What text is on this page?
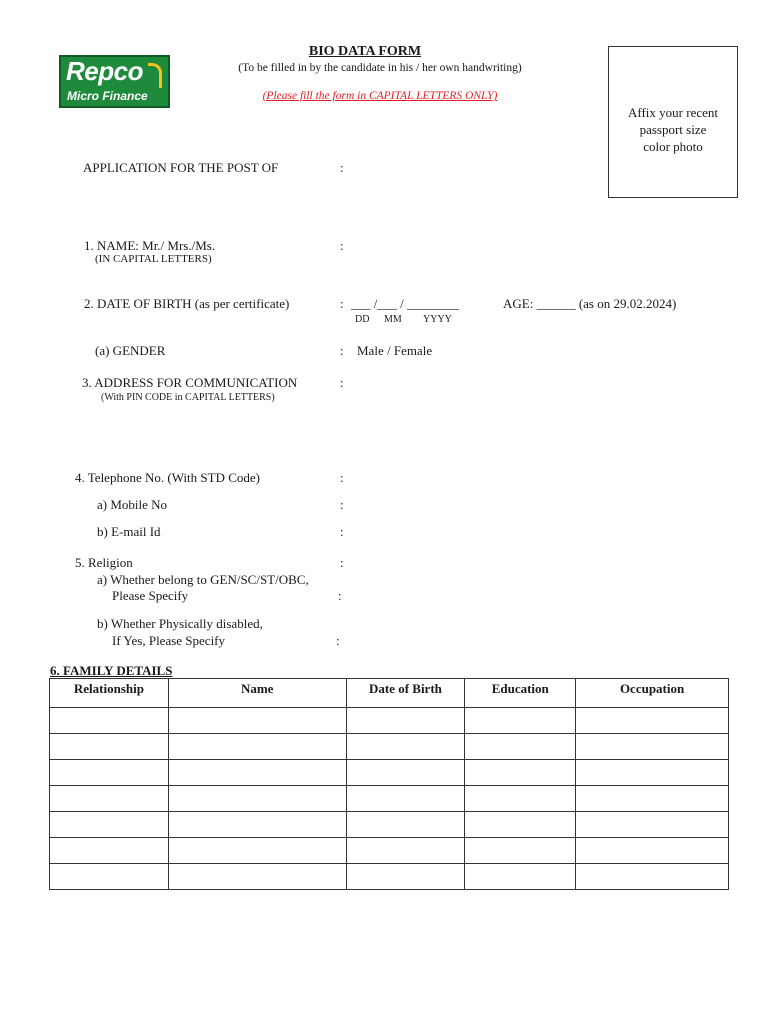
Repco
Micro Finance
BIO DATA FORM
(To be filled in by the candidate in his / her own handwriting)
(Please fill the form in CAPITAL LETTERS ONLY)
Affix your recent
passport size
color photo
APPLICATION FOR THE POST OF	:
1. NAME: Mr./ Mrs./Ms.
(IN CAPITAL LETTERS)
:
2. DATE OF BIRTH (as per certificate)	: ___ /___ / ________
DD MM YYYY
AGE: ______ (as on 29.02.2024)
(a) GENDER	: Male / Female
3. ADDRESS FOR COMMUNICATION	:
(With PIN CODE in CAPITAL LETTERS)
4. Telephone No. (With STD Code)	:
a) Mobile No	:
b) E-mail Id	:
5. Religion	:
a) Whether belong to GEN/SC/ST/OBC,
Please Specify	:
b) Whether Physically disabled,
If Yes, Please Specify	:
6. FAMILY DETAILS
Relationship	Name	Date of Birth	Education	Occupation
